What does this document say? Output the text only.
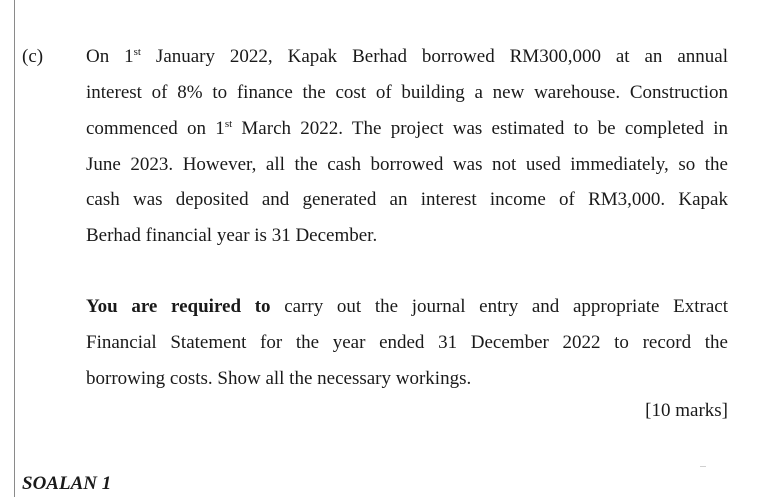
(c) On 1st January 2022, Kapak Berhad borrowed RM300,000 at an annual
interest of 8% to finance the cost of building a new warehouse. Construction
commenced on 1st March 2022. The project was estimated to be completed in
June 2023. However, all the cash borrowed was not used immediately, so the
cash was deposited and generated an interest income of RM3,000. Kapak
Berhad financial year is 31 December.
You are required to carry out the journal entry and appropriate Extract
Financial Statement for the year ended 31 December 2022 to record the
borrowing costs. Show all the necessary workings.
[10 marks]
SOALAN 1
